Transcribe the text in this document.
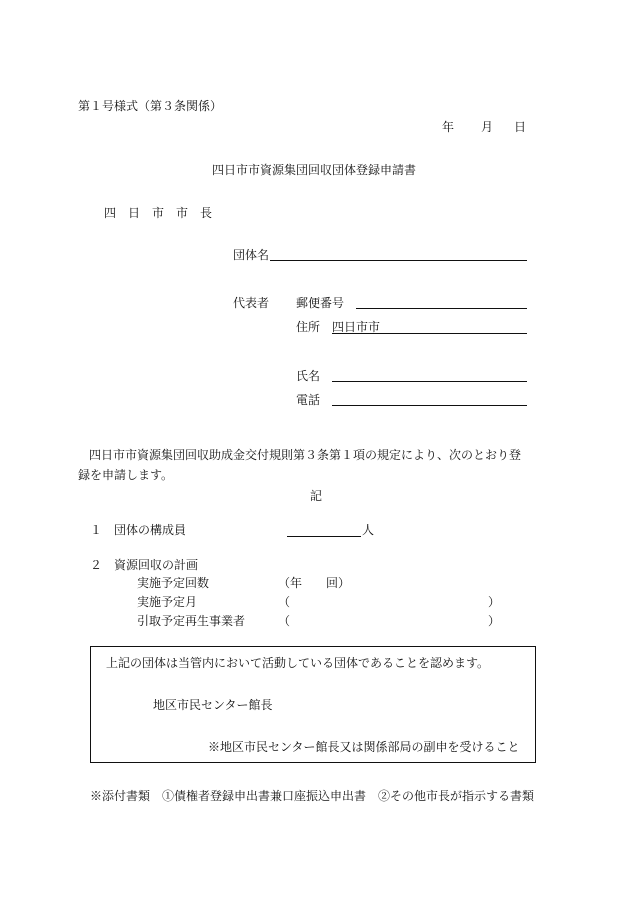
第１号様式（第３条関係）
年 月 日
四日市市資源集団回収団体登録申請書
四　日　市　市　長
団体名
代表者 郵便番号
住所 四日市市
氏名
電話
四日市市資源集団回収助成金交付規則第３条第１項の規定により、次のとおり登
録を申請します。
記
１ 団体の構成員	人
２ 資源回収の計画
実施予定回数	（年　　回）
実施予定月	（	）
引取予定再生事業者	（	）
上記の団体は当管内において活動している団体であることを認めます。
地区市民センター館長
※地区市民センター館長又は関係部局の副申を受けること
※添付書類　①債権者登録申出書兼口座振込申出書　②その他市長が指示する書類
